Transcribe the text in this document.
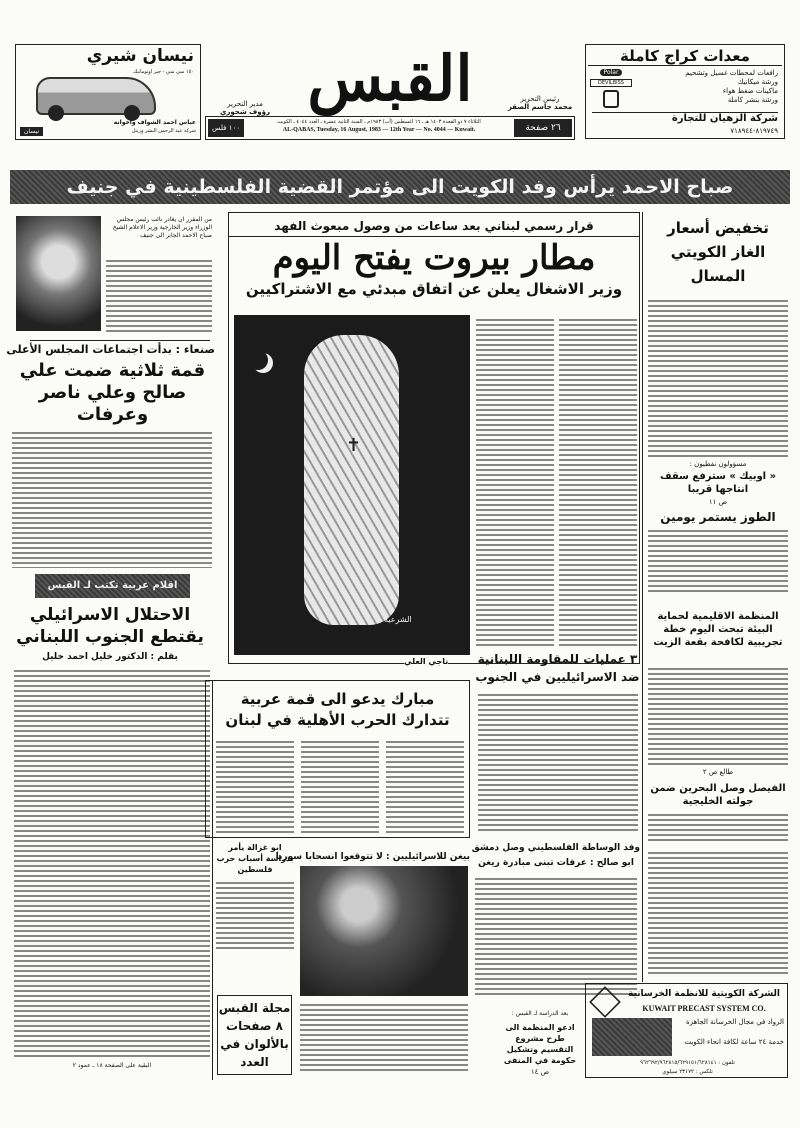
معدات كراج كاملة
Polar
DEVILBISS
رافعات لمحطات غسيل وتشحيم
ورشة ميكانيك
ماكينات ضغط هواء
ورشة بنشر كاملة
شركة الزهيان للتجارة
٨١٩٧٤٩-٧١٨٩٤٤
رئيس التحرير
محمد جاسم الصقر
القبس
مدير التحرير
رؤوف شحوري
٢٦ صفحة
الثلاثاء ٧ ذو القعدة ١٤٠٣ هـ ـ ١٦ اغسطس (آب) ١٩٨٣م ـ السنة الثانية عشرة ـ العدد ٤٠٤٤ ـ الكويت
AL-QABAS, Tuesday, 16 August, 1983 — 12th Year — No. 4044 — Kuwait.
١٠٠ فلس
نيسان شيري
١٥٠ سي سي - جير اوتوماتيك
عباس احمد الشواف واخوانه
شركة عبد الرحمن البشر وزينل
نيسان
صباح الاحمد يرأس وفد الكويت الى مؤتمر القضية الفلسطينية في جنيف
قرار رسمي لبناني بعد ساعات من وصول مبعوث الفهد
مطار بيروت يفتح اليوم
وزير الاشغال يعلن عن اتفاق مبدئي مع الاشتراكيين
✝
الشرعية
ناجي العلي
من المقرر ان يغادر نائب رئيس مجلس الوزراء وزير الخارجية وزير الاعلام الشيخ صباح الاحمد الجابر الى جنيف
صنعاء : بدأت اجتماعات المجلس الأعلى
قمة ثلاثية ضمت علي صالح وعلي ناصر وعرفات
اقلام عربية تكتب لـ القبس
الاحتلال الاسرائيلي يقتطع الجنوب اللبناني
بقلم : الدكتور خليل احمد خليل
البقية على الصفحة ١٨ ـ عمود ٢
ابو غزالة يأمر بدراسة أسباب حرب فلسطين
مجلة القبس ٨ صفحات بالألوان في العدد
مبارك يدعو الى قمة عربية تتدارك الحرب الأهلية في لبنان
٣ عمليات للمقاومة اللبنانية ضد الاسرائيليين في الجنوب
بيغن للاسرائيليين : لا تتوقعوا انسحابا سوريا
وفد الوساطة الفلسطيني وصل دمشق
ابو صالح : عرفات تبنى مبادرة ريغن
بعد الدراسة لـ القبس :
ادعو المنظمة الى طرح مشروع التقسيم وتشكيل حكومة في المنفى
ص ١٤
تخفيض أسعار الغاز الكويتي المسال
مسؤولون نفطيون :
« اوبيك » سترفع سقف انتاجها قريبا
ص ١١
الطوز يستمر يومين
المنظمة الاقليمية لحماية البيئة تبحث اليوم خطة تجريبية لكافحة بقعة الزيت
طالع ص ٢
الفيصل وصل البحرين ضمن جولته الخليجية
الشركة الكويتية للانظمة الخرسانية
KUWAIT PRECAST SYSTEM CO.
الرواد في مجال الخرسانة الجاهزة
خدمة ٢٤ ساعة لكافة انحاء الكويت
تلفون : ٩٦٢٦٩٢/٩٦٢٨١٥/٦٢٩١٥١/٦٢٨١٤١
تلكس : ٢٣١٧٢ سيلوي
